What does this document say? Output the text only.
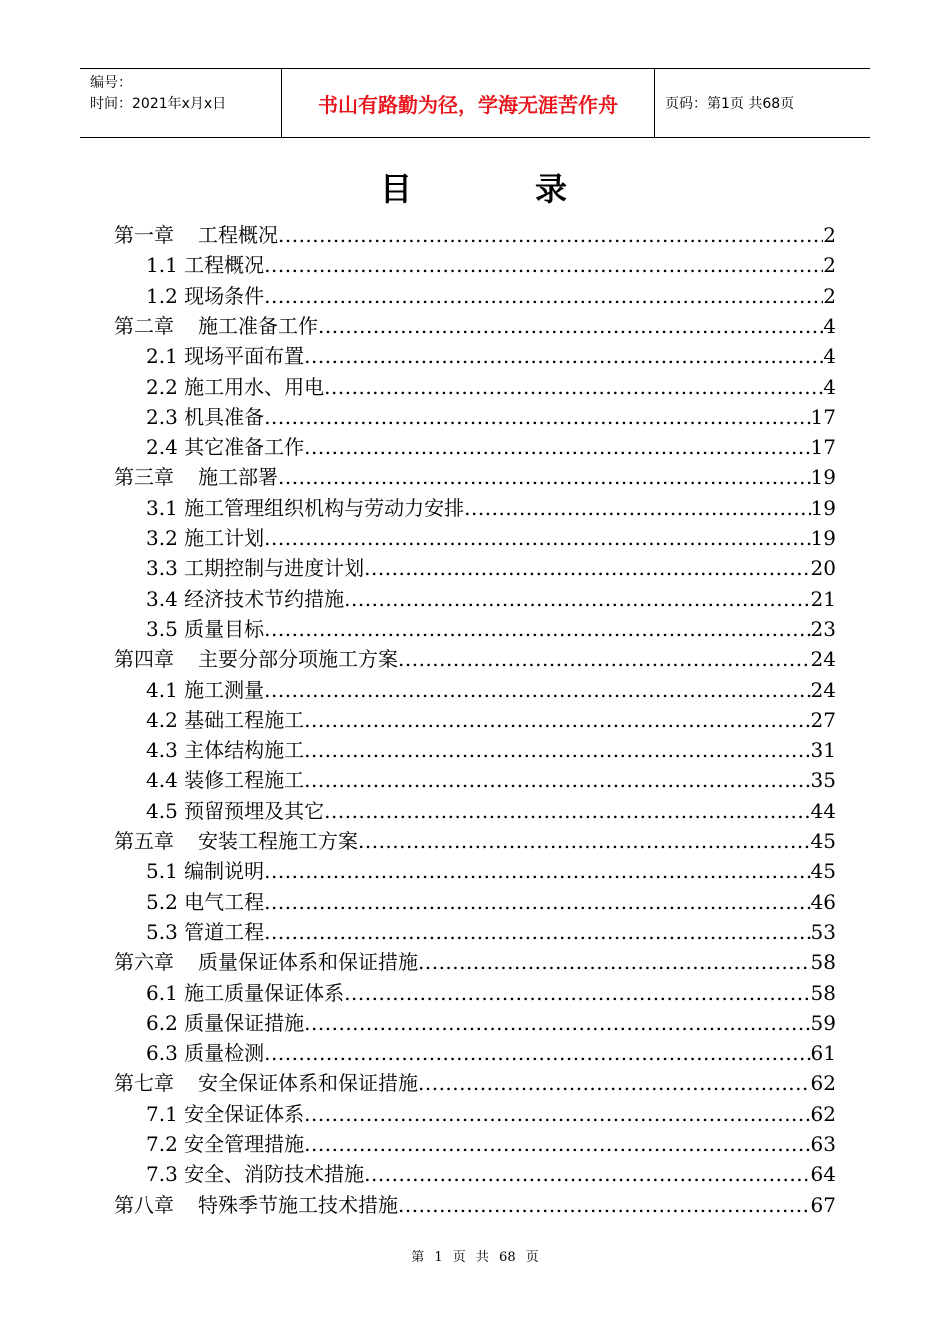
编号：
时间：2021年x月x日	书山有路勤为径，学海无涯苦作舟	页码：第1页 共68页
目	录
第一章 工程概况 .....	2
1.1 工程概况 .....	2
1.2 现场条件 .....	2
第二章 施工准备工作 .....	4
2.1 现场平面布置 .....	4
2.2 施工用水、用电 .....	4
2.3 机具准备 .....	17
2.4 其它准备工作 .....	17
第三章 施工部署 .....	19
3.1 施工管理组织机构与劳动力安排 .....	19
3.2 施工计划 .....	19
3.3 工期控制与进度计划 .....	20
3.4 经济技术节约措施 .....	21
3.5 质量目标 .....	23
第四章 主要分部分项施工方案 .....	24
4.1 施工测量 .....	24
4.2 基础工程施工 .....	27
4.3 主体结构施工 .....	31
4.4 装修工程施工 .....	35
4.5 预留预埋及其它 .....	44
第五章 安装工程施工方案 .....	45
5.1 编制说明 .....	45
5.2 电气工程 .....	46
5.3 管道工程 .....	53
第六章 质量保证体系和保证措施 .....	58
6.1 施工质量保证体系 .....	58
6.2 质量保证措施 .....	59
6.3 质量检测 .....	61
第七章 安全保证体系和保证措施 .....	62
7.1 安全保证体系 .....	62
7.2 安全管理措施 .....	63
7.3 安全、消防技术措施 .....	64
第八章 特殊季节施工技术措施 .....	67
第 1 页 共 68 页
